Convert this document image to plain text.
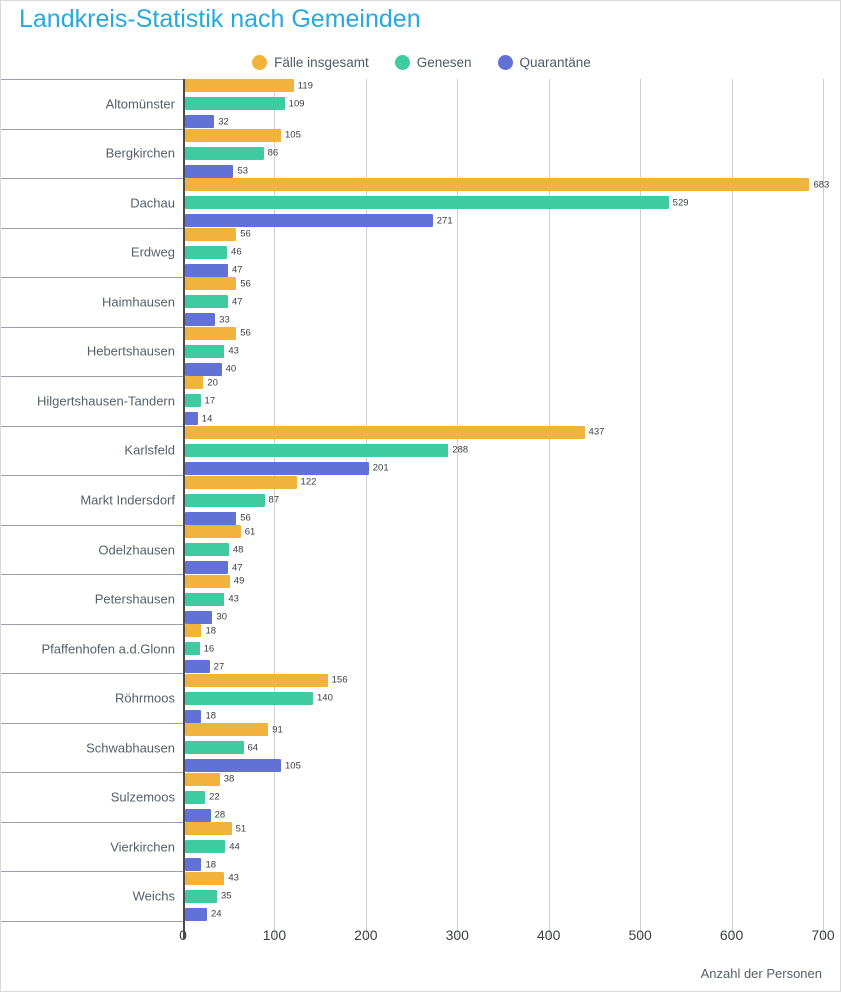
Landkreis-Statistik nach Gemeinden
Fälle insgesamt	Genesen	Quarantäne
Altomünster
119
109
32
Bergkirchen
105
86
53
Dachau
683
529
271
Erdweg
56
46
47
Haimhausen
56
47
33
Hebertshausen
56
43
40
Hilgertshausen-Tandern
20
17
14
Karlsfeld
437
288
201
Markt Indersdorf
122
87
56
Odelzhausen
61
48
47
Petershausen
49
43
30
Pfaffenhofen a.d.Glonn
18
16
27
Röhrmoos
156
140
18
Schwabhausen
91
64
105
Sulzemoos
38
22
28
Vierkirchen
51
44
18
Weichs
43
35
24
0	100	200	300	400	500	600	700
Anzahl der Personen
